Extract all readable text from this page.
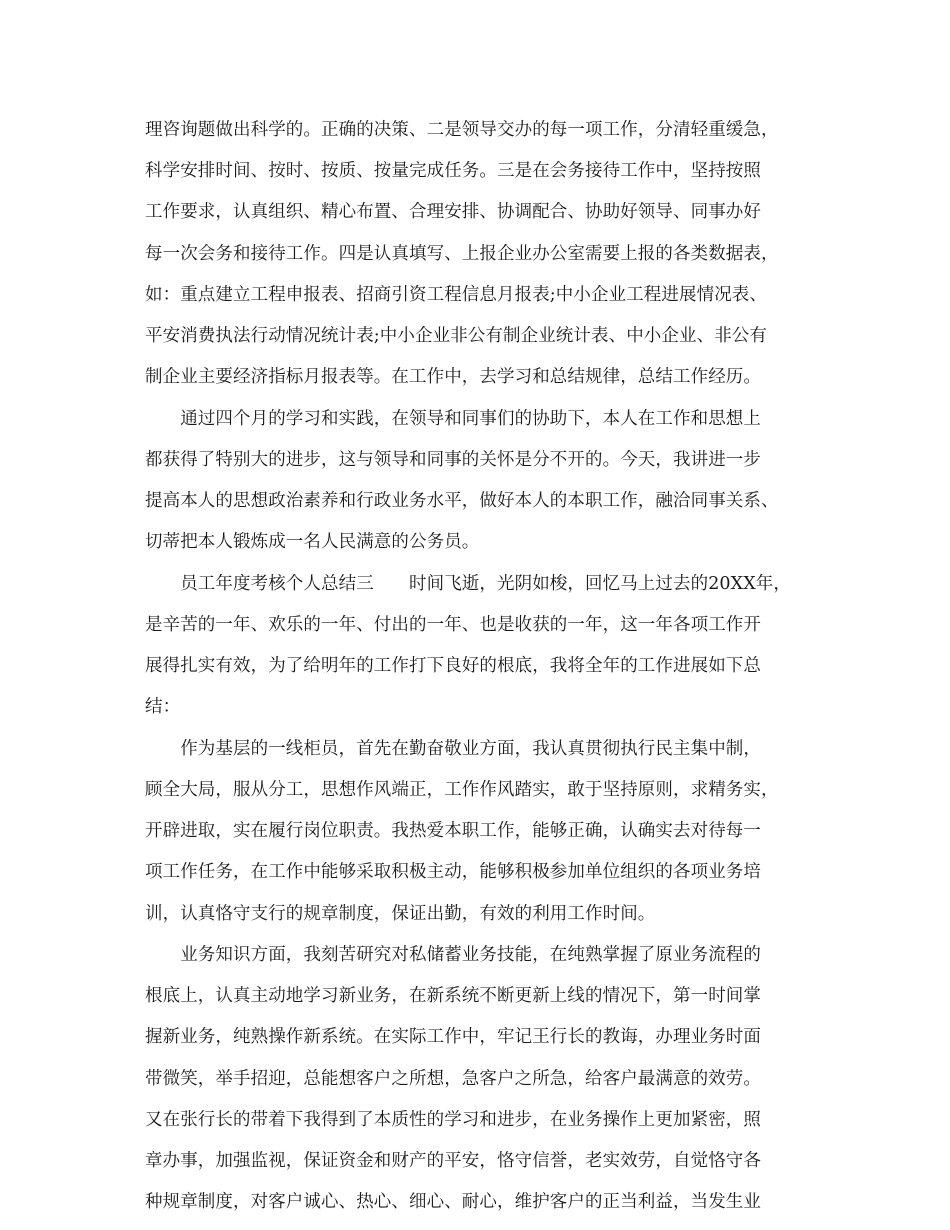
理咨询题做出科学的。正确的决策、二是领导交办的每一项工作，分清轻重缓急，
科学安排时间、按时、按质、按量完成任务。三是在会务接待工作中，坚持按照
工作要求，认真组织、精心布置、合理安排、协调配合、协助好领导、同事办好
每一次会务和接待工作。四是认真填写、上报企业办公室需要上报的各类数据表，
如：重点建立工程申报表、招商引资工程信息月报表;中小企业工程进展情况表、
平安消费执法行动情况统计表;中小企业非公有制企业统计表、中小企业、非公有
制企业主要经济指标月报表等。在工作中，去学习和总结规律，总结工作经历。
　　通过四个月的学习和实践，在领导和同事们的协助下，本人在工作和思想上
都获得了特别大的进步，这与领导和同事的关怀是分不开的。今天，我讲进一步
提高本人的思想政治素养和行政业务水平，做好本人的本职工作，融洽同事关系、
切蒂把本人锻炼成一名人民满意的公务员。
　　员工年度考核个人总结三　　时间飞逝，光阴如梭，回忆马上过去的20XX年，
是辛苦的一年、欢乐的一年、付出的一年、也是收获的一年，这一年各项工作开
展得扎实有效，为了给明年的工作打下良好的根底，我将全年的工作进展如下总
结：
　　作为基层的一线柜员，首先在勤奋敬业方面，我认真贯彻执行民主集中制，
顾全大局，服从分工，思想作风端正，工作作风踏实，敢于坚持原则，求精务实，
开辟进取，实在履行岗位职责。我热爱本职工作，能够正确，认确实去对待每一
项工作任务，在工作中能够采取积极主动，能够积极参加单位组织的各项业务培
训，认真恪守支行的规章制度，保证出勤，有效的利用工作时间。
　　业务知识方面，我刻苦研究对私储蓄业务技能，在纯熟掌握了原业务流程的
根底上，认真主动地学习新业务，在新系统不断更新上线的情况下，第一时间掌
握新业务，纯熟操作新系统。在实际工作中，牢记王行长的教诲，办理业务时面
带微笑，举手招迎，总能想客户之所想，急客户之所急，给客户最满意的效劳。
又在张行长的带着下我得到了本质性的学习和进步，在业务操作上更加紧密，照
章办事，加强监视，保证资金和财产的平安，恪守信誉，老实效劳，自觉恪守各
种规章制度，对客户诚心、热心、细心、耐心，维护客户的正当利益，当发生业
